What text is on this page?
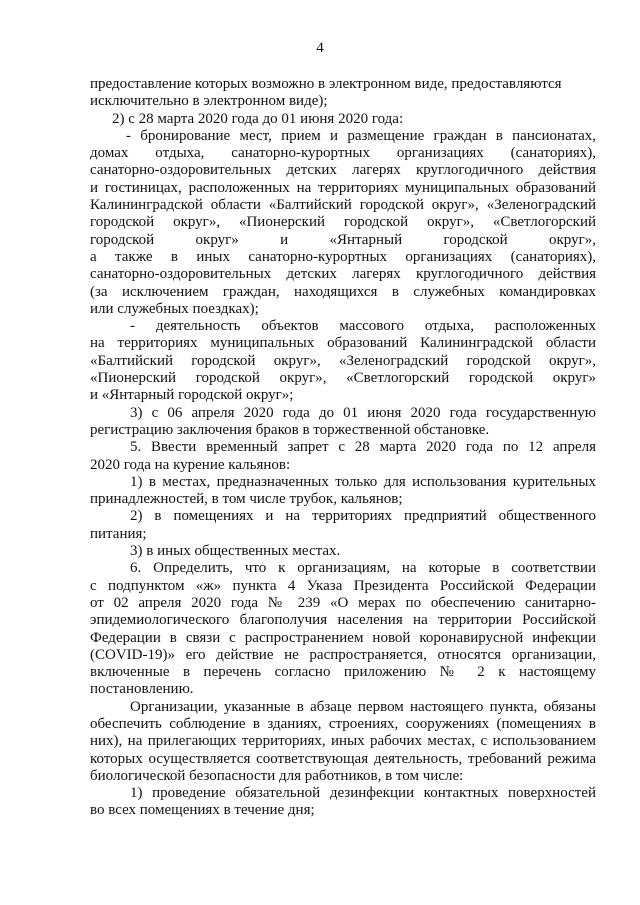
4
предоставление которых возможно в электронном виде, предоставляются
исключительно в электронном виде);
2) с 28 марта 2020 года до 01 июня 2020 года:
- бронирование мест, прием и размещение граждан в пансионатах,
домах отдыха, санаторно-курортных организациях (санаториях),
санаторно-оздоровительных детских лагерях круглогодичного действия
и гостиницах, расположенных на территориях муниципальных образований
Калининградской области «Балтийский городской округ», «Зеленоградский
городской округ», «Пионерский городской округ», «Светлогорский
городской округ» и «Янтарный городской округ»,
а также в иных санаторно-курортных организациях (санаториях),
санаторно-оздоровительных детских лагерях круглогодичного действия
(за исключением граждан, находящихся в служебных командировках
или служебных поездках);
- деятельность объектов массового отдыха, расположенных
на территориях муниципальных образований Калининградской области
«Балтийский городской округ», «Зеленоградский городской округ»,
«Пионерский городской округ», «Светлогорский городской округ»
и «Янтарный городской округ»;
3) с 06 апреля 2020 года до 01 июня 2020 года государственную
регистрацию заключения браков в торжественной обстановке.
5. Ввести временный запрет с 28 марта 2020 года по 12 апреля
2020 года на курение кальянов:
1) в местах, предназначенных только для использования курительных
принадлежностей, в том числе трубок, кальянов;
2) в помещениях и на территориях предприятий общественного
питания;
3) в иных общественных местах.
6. Определить, что к организациям, на которые в соответствии
с подпунктом «ж» пункта 4 Указа Президента Российской Федерации
от 02 апреля 2020 года № 239 «О мерах по обеспечению санитарно-
эпидемиологического благополучия населения на территории Российской
Федерации в связи с распространением новой коронавирусной инфекции
(COVID-19)» его действие не распространяется, относятся организации,
включенные в перечень согласно приложению № 2 к настоящему
постановлению.
Организации, указанные в абзаце первом настоящего пункта, обязаны
обеспечить соблюдение в зданиях, строениях, сооружениях (помещениях в
них), на прилегающих территориях, иных рабочих местах, с использованием
которых осуществляется соответствующая деятельность, требований режима
биологической безопасности для работников, в том числе:
1) проведение обязательной дезинфекции контактных поверхностей
во всех помещениях в течение дня;
